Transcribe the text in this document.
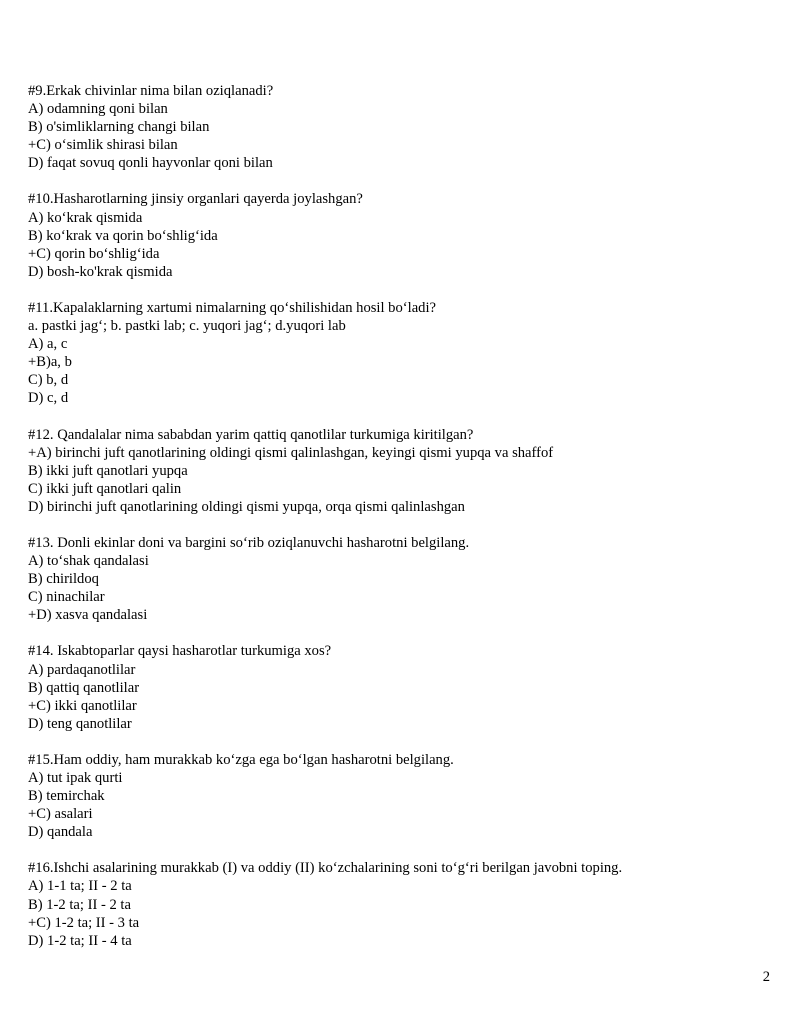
#9.Erkak chivinlar nima bilan oziqlanadi?
A) odamning qoni bilan
B) o'simliklarning changi bilan
+C) o‘simlik shirasi bilan
D) faqat sovuq qonli hayvonlar qoni bilan
#10.Hasharotlarning jinsiy organlari qayerda joylashgan?
A) ko‘krak qismida
B) ko‘krak va qorin bo‘shlig‘ida
+C) qorin bo‘shlig‘ida
D) bosh-ko'krak qismida
#11.Kapalaklarning xartumi nimalarning qo‘shilishidan hosil bo‘ladi?
a. pastki jag‘; b. pastki lab; c. yuqori jag‘; d.yuqori lab
A) a, c
+B)a, b
C) b, d
D) c, d
#12. Qandalalar nima sababdan yarim qattiq qanotlilar turkumiga kiritilgan?
+A) birinchi juft qanotlarining oldingi qismi qalinlashgan, keyingi qismi yupqa va shaffof
B) ikki juft qanotlari yupqa
C) ikki juft qanotlari qalin
D) birinchi juft qanotlarining oldingi qismi yupqa, orqa qismi qalinlashgan
#13. Donli ekinlar doni va bargini so‘rib oziqlanuvchi hasharotni belgilang.
A) to‘shak qandalasi
B) chirildoq
C) ninachilar
+D) xasva qandalasi
#14. Iskabtoparlar qaysi hasharotlar turkumiga xos?
A) pardaqanotlilar
B) qattiq qanotlilar
+C) ikki qanotlilar
D) teng qanotlilar
#15.Ham oddiy, ham murakkab ko‘zga ega bo‘lgan hasharotni belgilang.
A) tut ipak qurti
B) temirchak
+C) asalari
D) qandala
#16.Ishchi asalarining murakkab (I) va oddiy (II) ko‘zchalarining soni to‘g‘ri berilgan javobni toping.
A) 1-1 ta; II - 2 ta
B) 1-2 ta; II - 2 ta
+C) 1-2 ta; II - 3 ta
D) 1-2 ta; II - 4 ta
2
